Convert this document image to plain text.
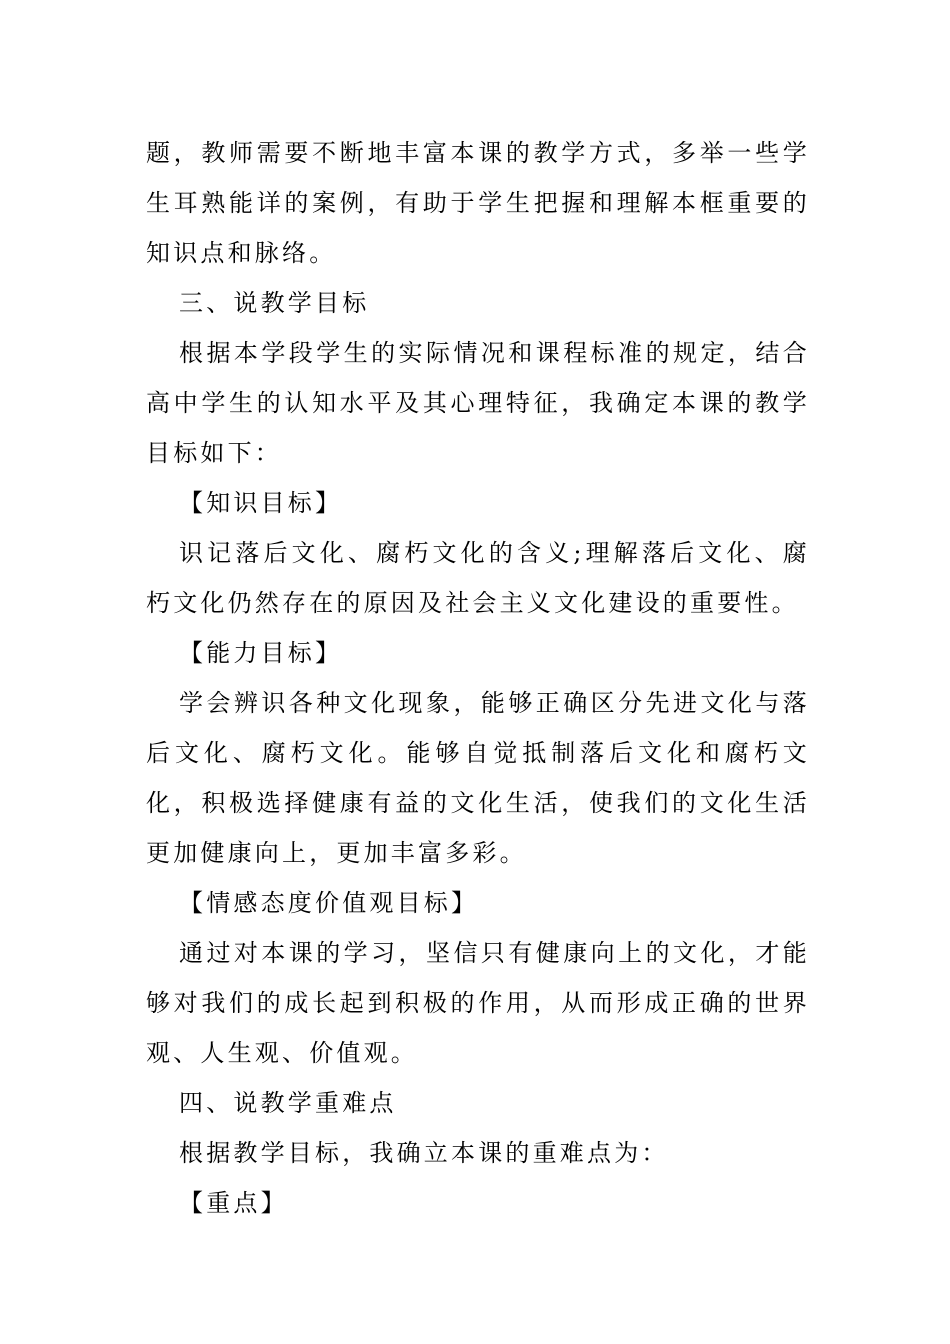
题，教师需要不断地丰富本课的教学方式，多举一些学生耳熟能详的案例，有助于学生把握和理解本框重要的知识点和脉络。

三、说教学目标

根据本学段学生的实际情况和课程标准的规定，结合高中学生的认知水平及其心理特征，我确定本课的教学目标如下：

【知识目标】

识记落后文化、腐朽文化的含义;理解落后文化、腐朽文化仍然存在的原因及社会主义文化建设的重要性。

【能力目标】

学会辨识各种文化现象，能够正确区分先进文化与落后文化、腐朽文化。能够自觉抵制落后文化和腐朽文化，积极选择健康有益的文化生活，使我们的文化生活更加健康向上，更加丰富多彩。

【情感态度价值观目标】

通过对本课的学习，坚信只有健康向上的文化，才能够对我们的成长起到积极的作用，从而形成正确的世界观、人生观、价值观。

四、说教学重难点

根据教学目标，我确立本课的重难点为：

【重点】
